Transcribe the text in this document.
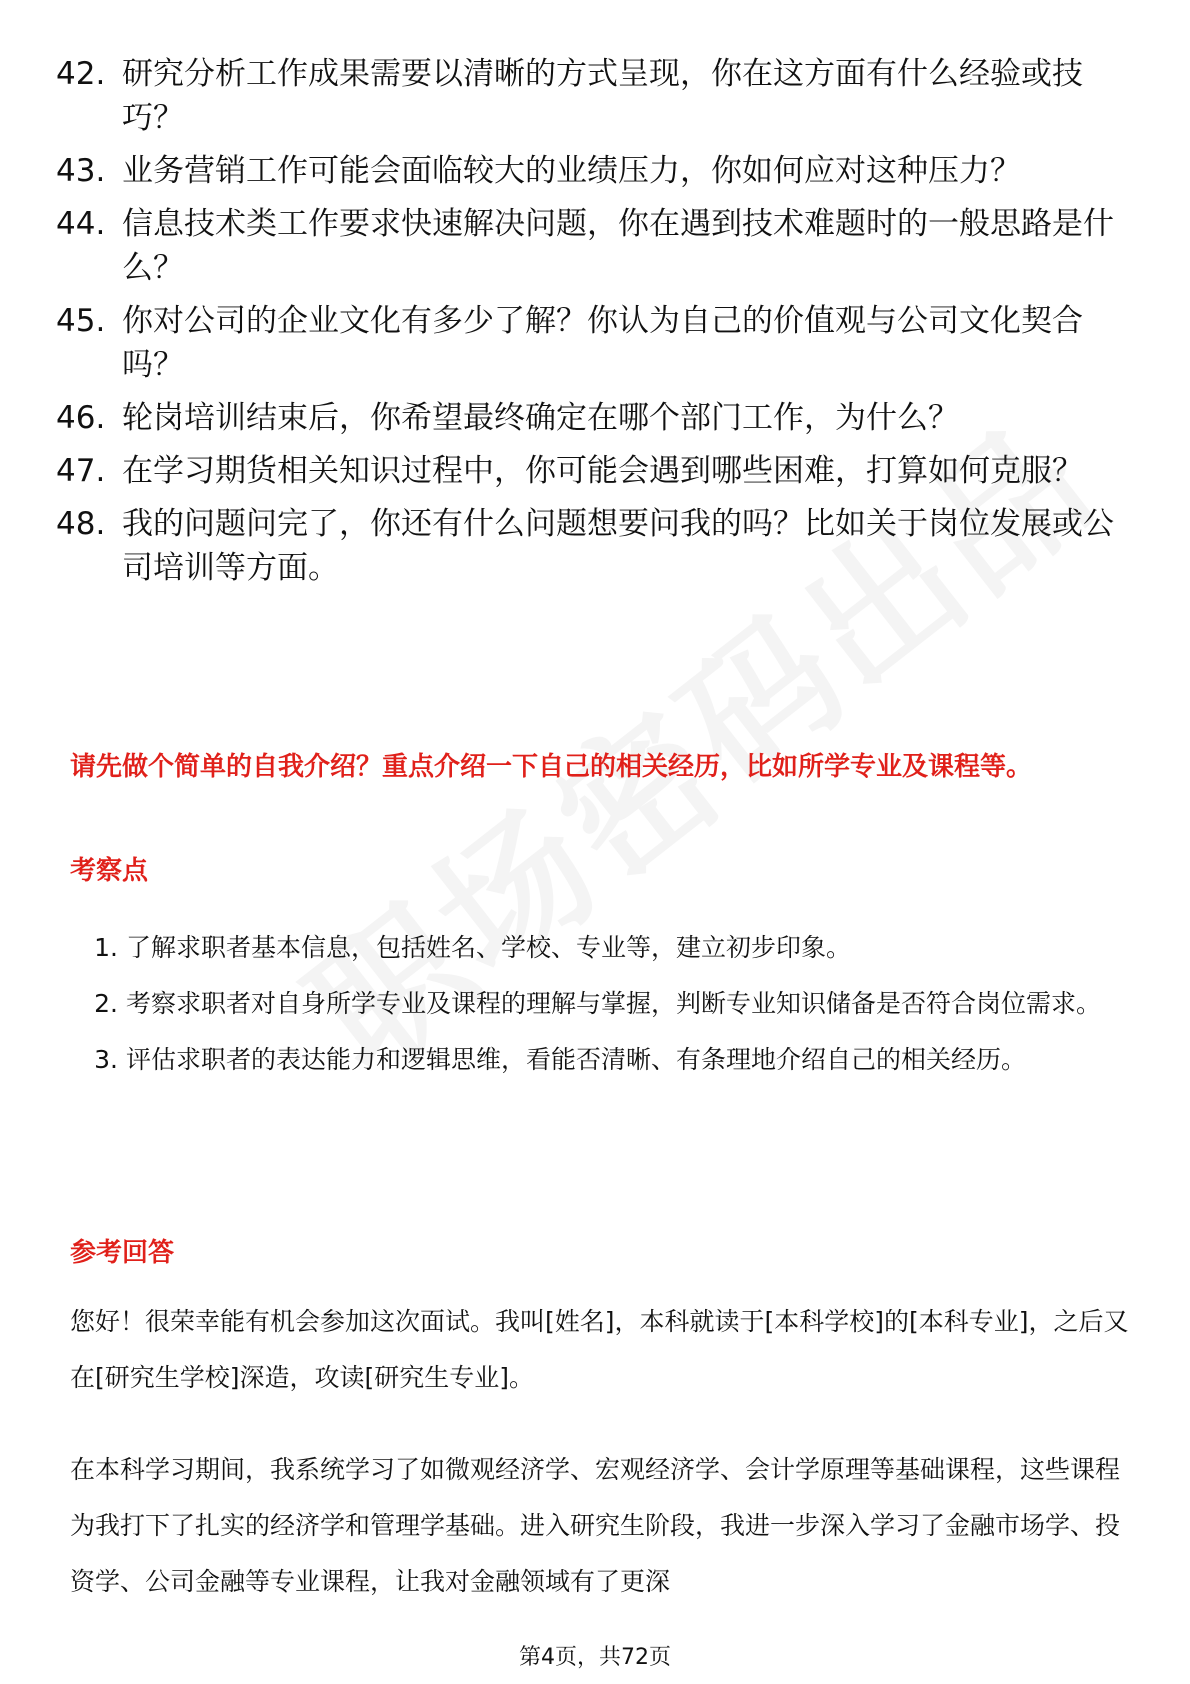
42. 研究分析工作成果需要以清晰的方式呈现，你在这方面有什么经验或技巧？
43. 业务营销工作可能会面临较大的业绩压力，你如何应对这种压力？
44. 信息技术类工作要求快速解决问题，你在遇到技术难题时的一般思路是什么？
45. 你对公司的企业文化有多少了解？你认为自己的价值观与公司文化契合吗？
46. 轮岗培训结束后，你希望最终确定在哪个部门工作，为什么？
47. 在学习期货相关知识过程中，你可能会遇到哪些困难，打算如何克服？
48. 我的问题问完了，你还有什么问题想要问我的吗？比如关于岗位发展或公司培训等方面。
请先做个简单的自我介绍？重点介绍一下自己的相关经历，比如所学专业及课程等。
考察点
1. 了解求职者基本信息，包括姓名、学校、专业等，建立初步印象。
2. 考察求职者对自身所学专业及课程的理解与掌握，判断专业知识储备是否符合岗位需求。
3. 评估求职者的表达能力和逻辑思维，看能否清晰、有条理地介绍自己的相关经历。
参考回答
您好！很荣幸能有机会参加这次面试。我叫[姓名]，本科就读于[本科学校]的[本科专业]，之后又在[研究生学校]深造，攻读[研究生专业]。
在本科学习期间，我系统学习了如微观经济学、宏观经济学、会计学原理等基础课程，这些课程为我打下了扎实的经济学和管理学基础。进入研究生阶段，我进一步深入学习了金融市场学、投资学、公司金融等专业课程，让我对金融领域有了更深
第4页，共72页
